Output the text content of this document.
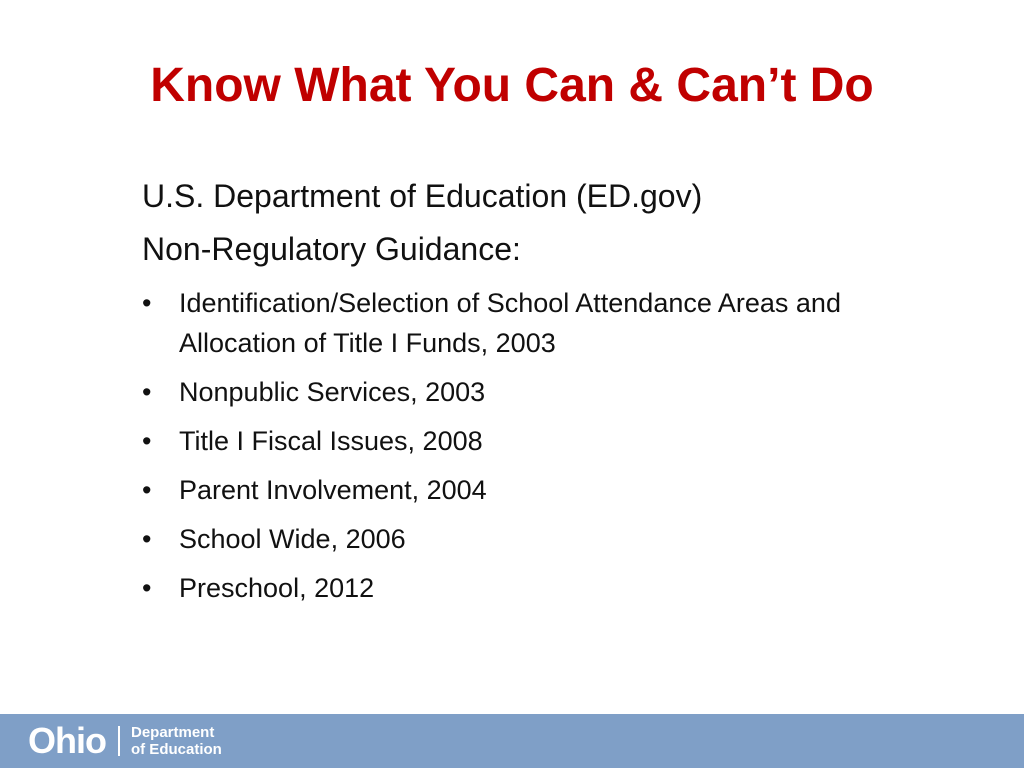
Know What You Can & Can’t Do

U.S. Department of Education (ED.gov)

Non-Regulatory Guidance:

• Identification/Selection of School Attendance Areas and Allocation of Title I Funds, 2003
• Nonpublic Services, 2003
• Title I Fiscal Issues, 2008
• Parent Involvement, 2004
• School Wide, 2006
• Preschool, 2012
Ohio Department
of Education
